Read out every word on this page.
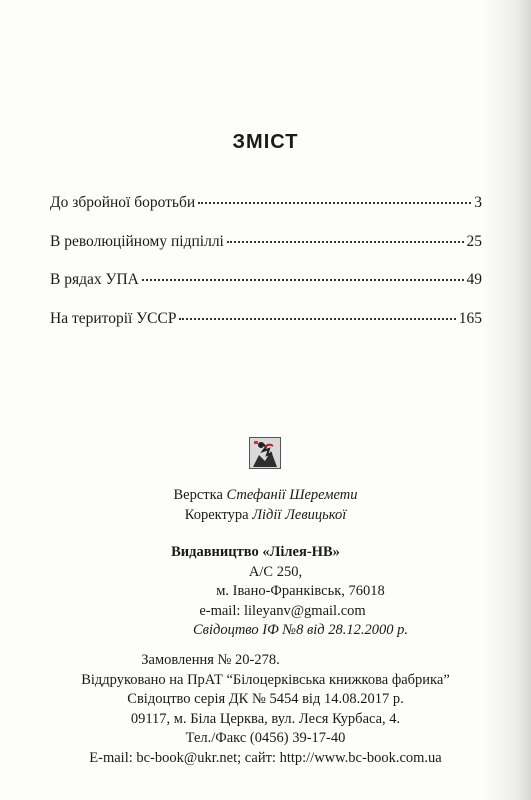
ЗМІСТ
До збройної боротьби	3
В революційному підпіллі	25
В рядах УПА	49
На території УССР	165
Верстка Стефанії Шеремети
Коректура Лідії Левицької
Видавництво «Лілея-НВ»
А/С 250,
м. Івано-Франківськ, 76018
e-mail: lileyanv@gmail.com
Свідоцтво ІФ №8 від 28.12.2000 р.
Замовлення № 20-278.
Віддруковано на ПрАТ “Білоцерківська книжкова фабрика”
Свідоцтво серія ДК № 5454 від 14.08.2017 р.
09117, м. Біла Церква, вул. Леся Курбаса, 4.
Тел./Факс (0456) 39-17-40
E-mail: bc-book@ukr.net; сайт: http://www.bc-book.com.ua
